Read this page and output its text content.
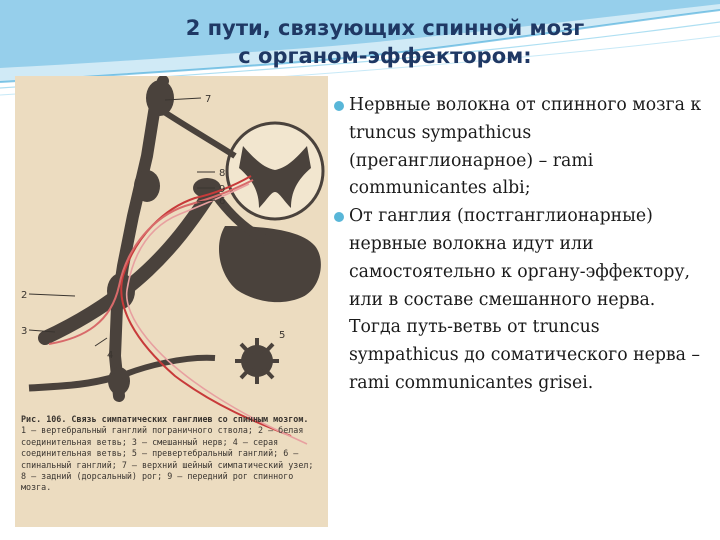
2 пути, связующих спинной мозг
с органом-эффектором:
7
8
9
6
2
3
4
5

Рис. 106. Связь симпатических ганглиев со спинным мозгом.
1 — вертебральный ганглий пограничного ствола; 2 — белая соединительная ветвь; 3 — смешанный нерв; 4 — серая соединительная ветвь; 5 — превертебральный ганглий; 6 — спинальный ганглий; 7 — верхний шейный симпатический узел; 8 — задний (дорсальный) рог; 9 — передний рог спинного мозга.

Нервные волокна от спинного мозга к truncus sympathicus (преганглионарное) – rami communicantes albi;
От ганглия (постганглионарные) нервные волокна идут или самостоятельно к органу-эффектору, или в составе смешанного нерва. Тогда путь-ветвь от truncus sympathicus до соматического нерва – rami communicantes grisei.
